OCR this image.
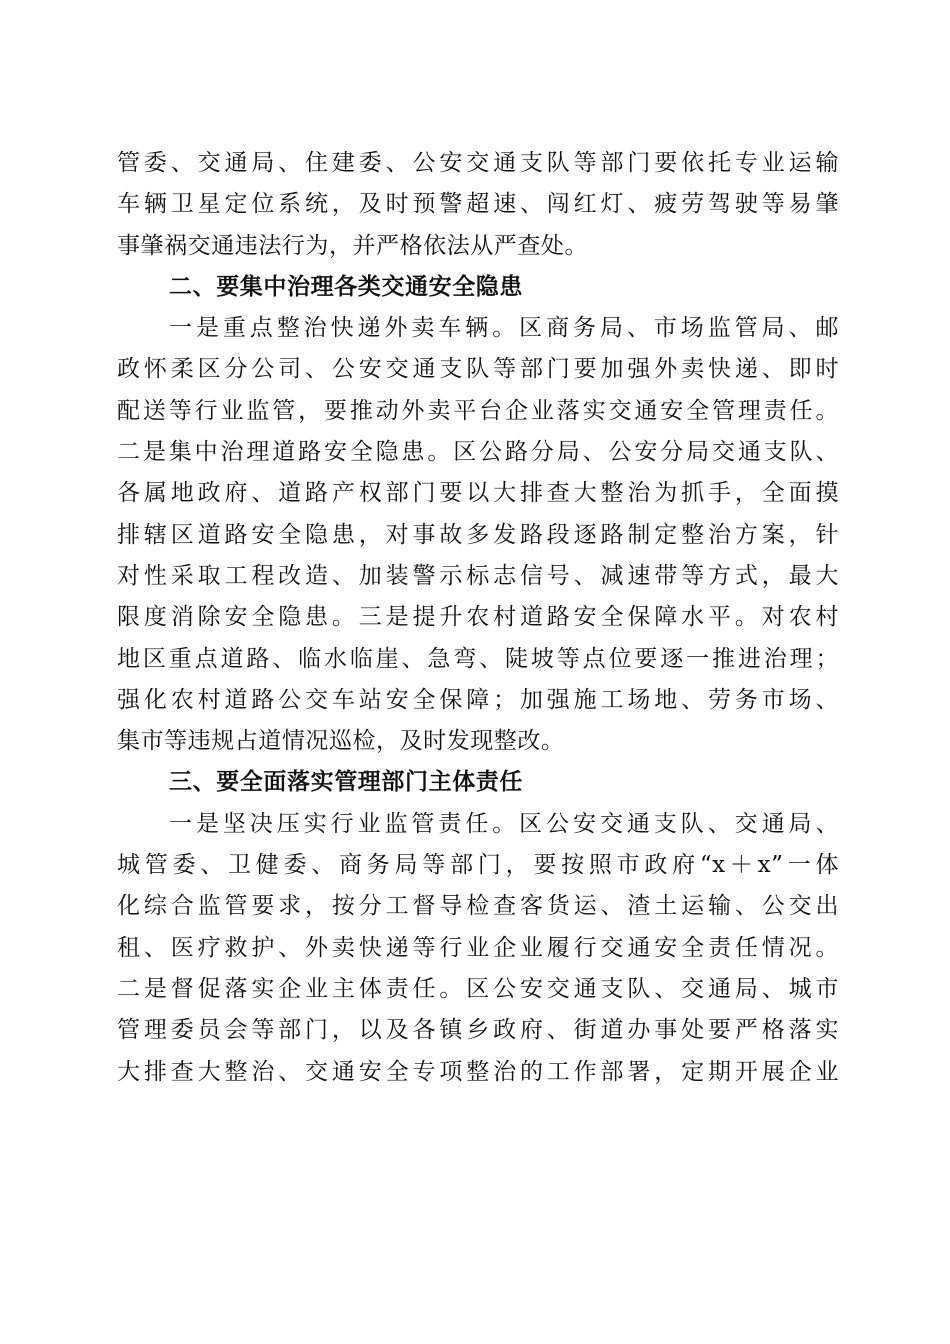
管委、交通局、住建委、公安交通支队等部门要依托专业运输
车辆卫星定位系统，及时预警超速、闯红灯、疲劳驾驶等易肇
事肇祸交通违法行为，并严格依法从严查处。
二、要集中治理各类交通安全隐患
一是重点整治快递外卖车辆。区商务局、市场监管局、邮
政怀柔区分公司、公安交通支队等部门要加强外卖快递、即时
配送等行业监管，要推动外卖平台企业落实交通安全管理责任。
二是集中治理道路安全隐患。区公路分局、公安分局交通支队、
各属地政府、道路产权部门要以大排查大整治为抓手，全面摸
排辖区道路安全隐患，对事故多发路段逐路制定整治方案，针
对性采取工程改造、加装警示标志信号、减速带等方式，最大
限度消除安全隐患。三是提升农村道路安全保障水平。对农村
地区重点道路、临水临崖、急弯、陡坡等点位要逐一推进治理；
强化农村道路公交车站安全保障；加强施工场地、劳务市场、
集市等违规占道情况巡检，及时发现整改。
三、要全面落实管理部门主体责任
一是坚决压实行业监管责任。区公安交通支队、交通局、
城管委、卫健委、商务局等部门，要按照市政府“x＋x”一体
化综合监管要求，按分工督导检查客货运、渣土运输、公交出
租、医疗救护、外卖快递等行业企业履行交通安全责任情况。
二是督促落实企业主体责任。区公安交通支队、交通局、城市
管理委员会等部门，以及各镇乡政府、街道办事处要严格落实
大排查大整治、交通安全专项整治的工作部署，定期开展企业
